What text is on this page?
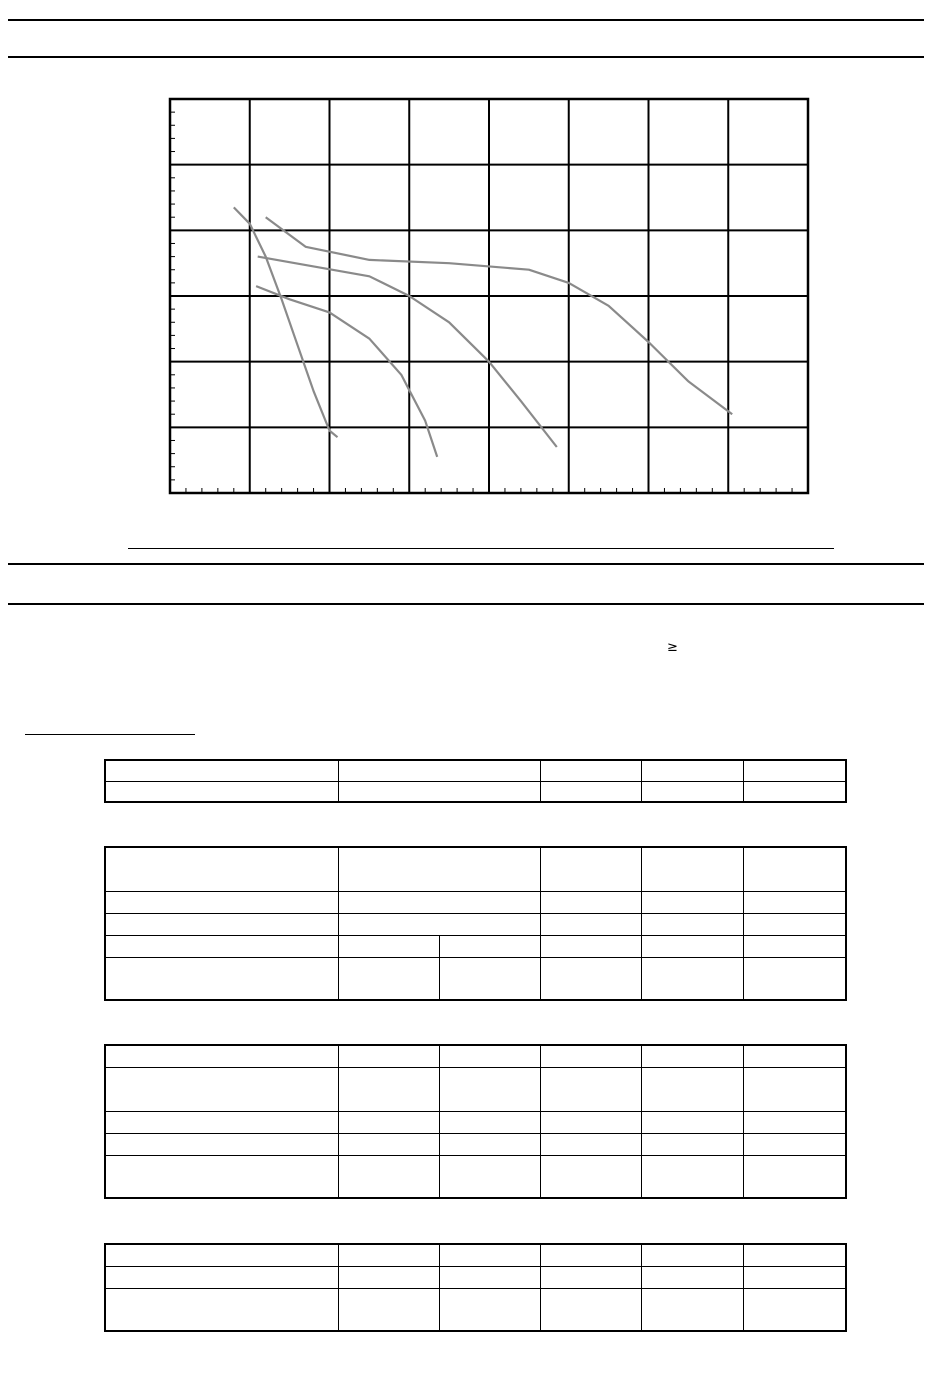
≥
